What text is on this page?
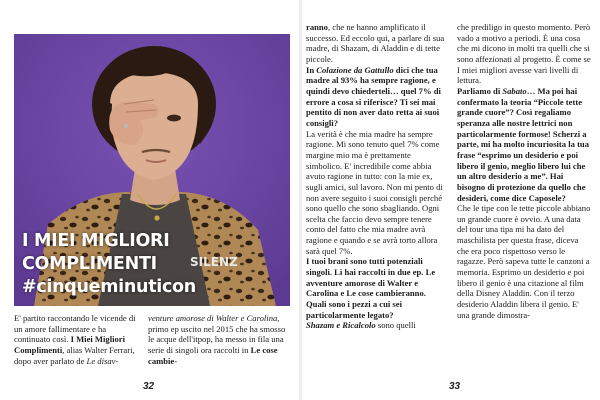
SILENZ
I MIEI MIGLIORI
COMPLIMENTI
#cinqueminuticon

E' partito raccontando le vicende di un amore fallimentare e ha continuato così. I Miei Migliori Complimenti, alias Walter Ferrari, dopo aver parlato de Le disav-

venture amorose di Walter e Carolina, primo ep uscito nel 2015 che ha smosso le acque dell'itpop, ha messo in fila una serie di singoli ora raccolti in Le cose cambie-

ranno, che ne hanno amplificato il successo. Ed eccolo qui, a parlare di sua madre, di Shazam, di Aladdin e di tette piccole.

In Colazione da Gattullo dici che tua madre al 93% ha sempre ragione, e quindi devo chiederteli… quel 7% di errore a cosa si riferisce? Ti sei mai pentito di non aver dato retta ai suoi consigli?

La verità è che mia madre ha sempre ragione. Mi sono tenuto quel 7% come margine mio ma è prettamente simbolico. E' incredibile come abbia avuto ragione in tutto: con la mie ex, sugli amici, sul lavoro. Non mi pento di non avere seguito i suoi consigli perché sono quello che sono sbagliando. Ogni scelta che faccio devo sempre tenere conto del fatto che mia madre avrà ragione e quando e se avrà torto allora sarà quel 7%.

I tuoi brani sono tutti potenziali singoli. Li hai raccolti in due ep. Le avventure amorose di Walter e Carolina e Le cose cambieranno. Quali sono i pezzi a cui sei particolarmente legato?

Shazam e Ricalcolo sono quelli

che prediligo in questo momento. Però vado a motivo a periodi. È una cosa che mi dicono in molti tra quelli che si sono affezionati al progetto. È come se I miei migliori avesse vari livelli di lettura.

Parliamo di Sabato… Ma poi hai confermato la teoria “Piccole tette grande cuore”? Così regaliamo speranza alle nostre lettrici non particolarmente formose! Scherzi a parte, mi ha molto incuriosita la tua frase “esprimo un desiderio e poi libero il genio, meglio libero lui che un altro desiderio a me”. Hai bisogno di protezione da quello che desideri, come dice Caposele?

Che le tipe con le tette piccole abbiano un grande cuore è ovvio. A una data del tour una tipa mi ha dato del maschilista per questa frase, diceva che era poco rispettoso verso le ragazze. Però sapeva tutte le canzoni a memoria. Esprimo un desiderio e poi libero il genio è una citazione al film della Disney Aladdin. Con il terzo desiderio Aladdin libera il genio. E' una grande dimostra-

32	33
